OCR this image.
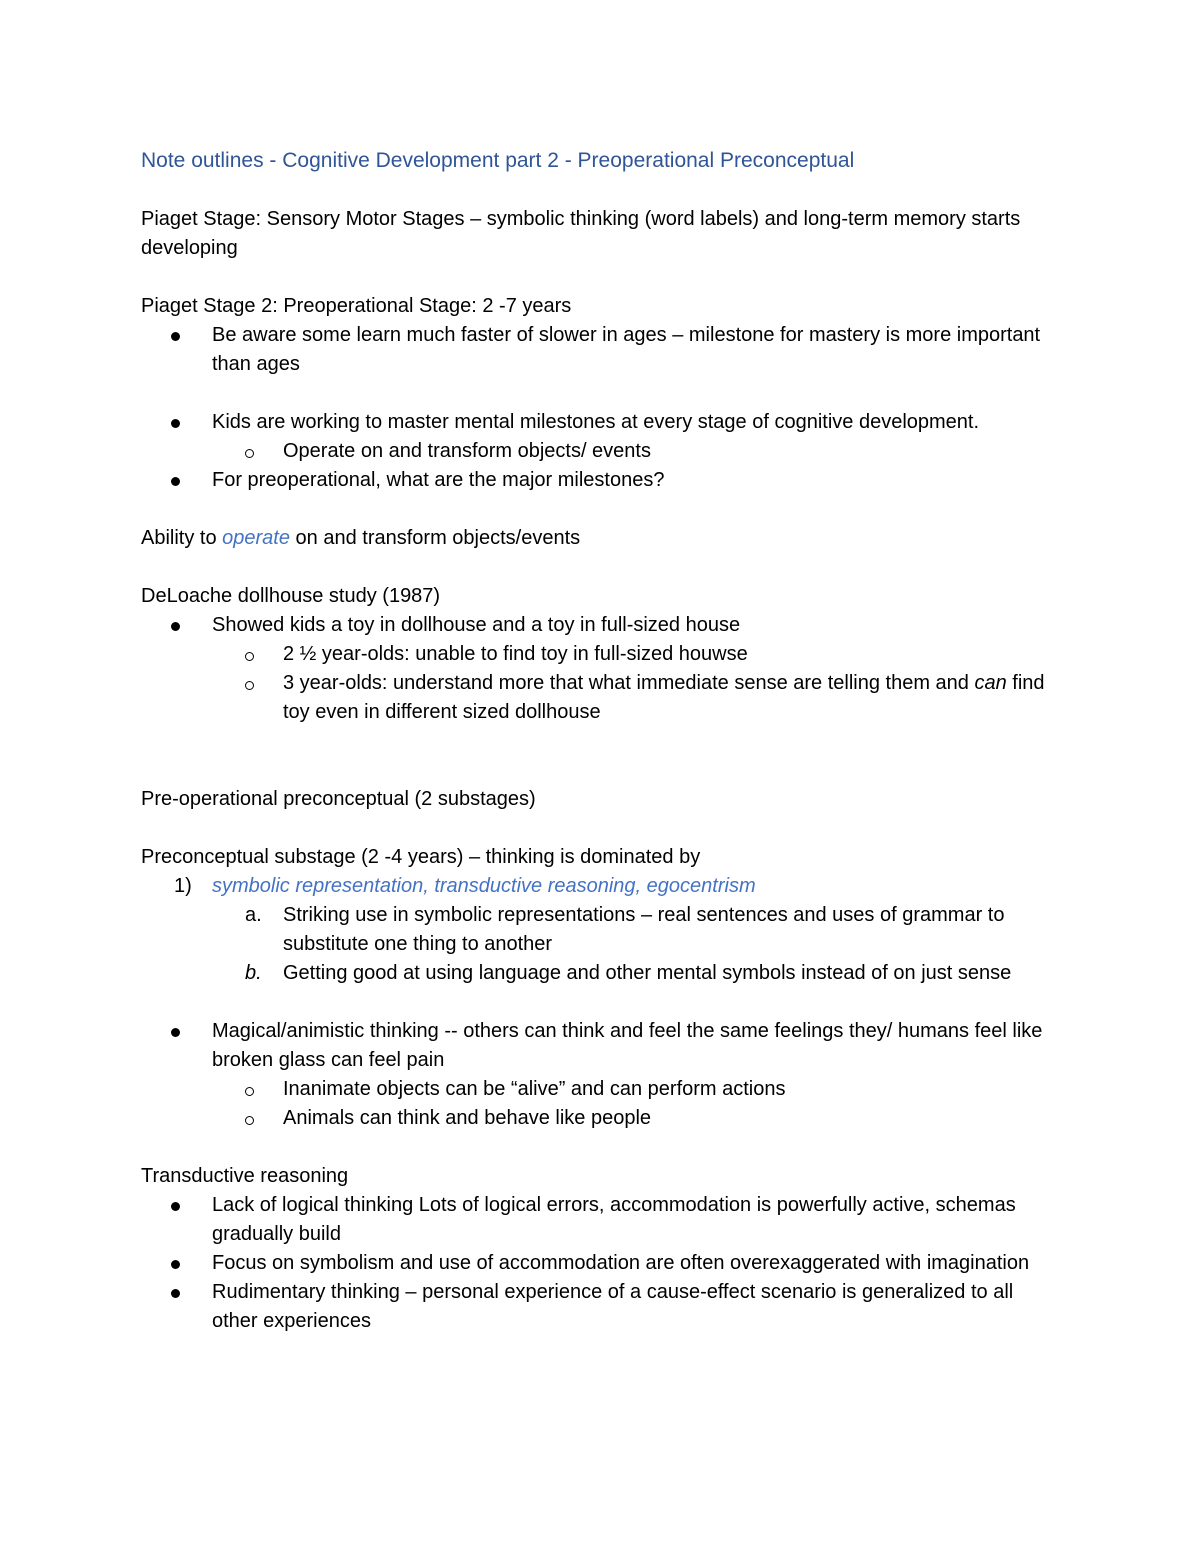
Note outlines - Cognitive Development part 2 - Preoperational Preconceptual

Piaget Stage: Sensory Motor Stages – symbolic thinking (word labels) and long-term memory starts developing

Piaget Stage 2: Preoperational Stage: 2 -7 years

Be aware some learn much faster of slower in ages – milestone for mastery is more important than ages
Kids are working to master mental milestones at every stage of cognitive development.
Operate on and transform objects/ events
For preoperational, what are the major milestones?

Ability to operate on and transform objects/events

DeLoache dollhouse study (1987)

Showed kids a toy in dollhouse and a toy in full-sized house
2 ½ year-olds: unable to find toy in full-sized houwse
3 year-olds: understand more that what immediate sense are telling them and can find toy even in different sized dollhouse

Pre-operational preconceptual (2 substages)

Preconceptual substage (2 -4 years) – thinking is dominated by

1) symbolic representation, transductive reasoning, egocentrism
a. Striking use in symbolic representations – real sentences and uses of grammar to substitute one thing to another
b. Getting good at using language and other mental symbols instead of on just sense
Magical/animistic thinking -- others can think and feel the same feelings they/ humans feel like broken glass can feel pain
Inanimate objects can be “alive” and can perform actions
Animals can think and behave like people

Transductive reasoning

Lack of logical thinking Lots of logical errors, accommodation is powerfully active, schemas gradually build
Focus on symbolism and use of accommodation are often overexaggerated with imagination
Rudimentary thinking – personal experience of a cause-effect scenario is generalized to all other experiences
